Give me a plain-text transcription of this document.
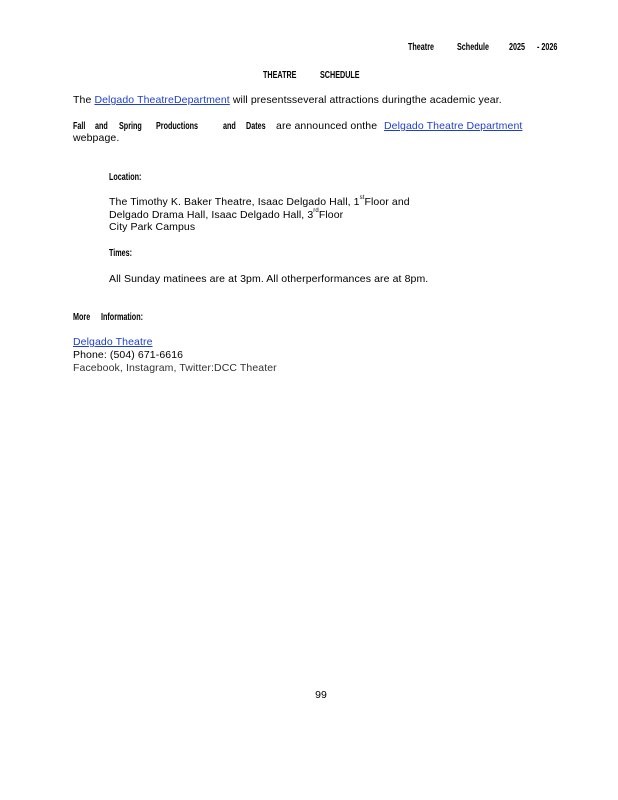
Theatre Schedule 2025 - 2026
THEATRE SCHEDULE
The Delgado TheatreDepartment will presentsseveral attractions duringthe academic year.
Fall and Spring Productions and Dates are announced onthe Delgado Theatre Department
webpage.
Location:
The Timothy K. Baker Theatre, Isaac Delgado Hall, 1stFloor and
Delgado Drama Hall, Isaac Delgado Hall, 3rdFloor
City Park Campus
Times:
All Sunday matinees are at 3pm. All otherperformances are at 8pm.
More Information:
Delgado Theatre
Phone: (504) 671-6616
Facebook, Instagram, Twitter:DCC Theater
99
